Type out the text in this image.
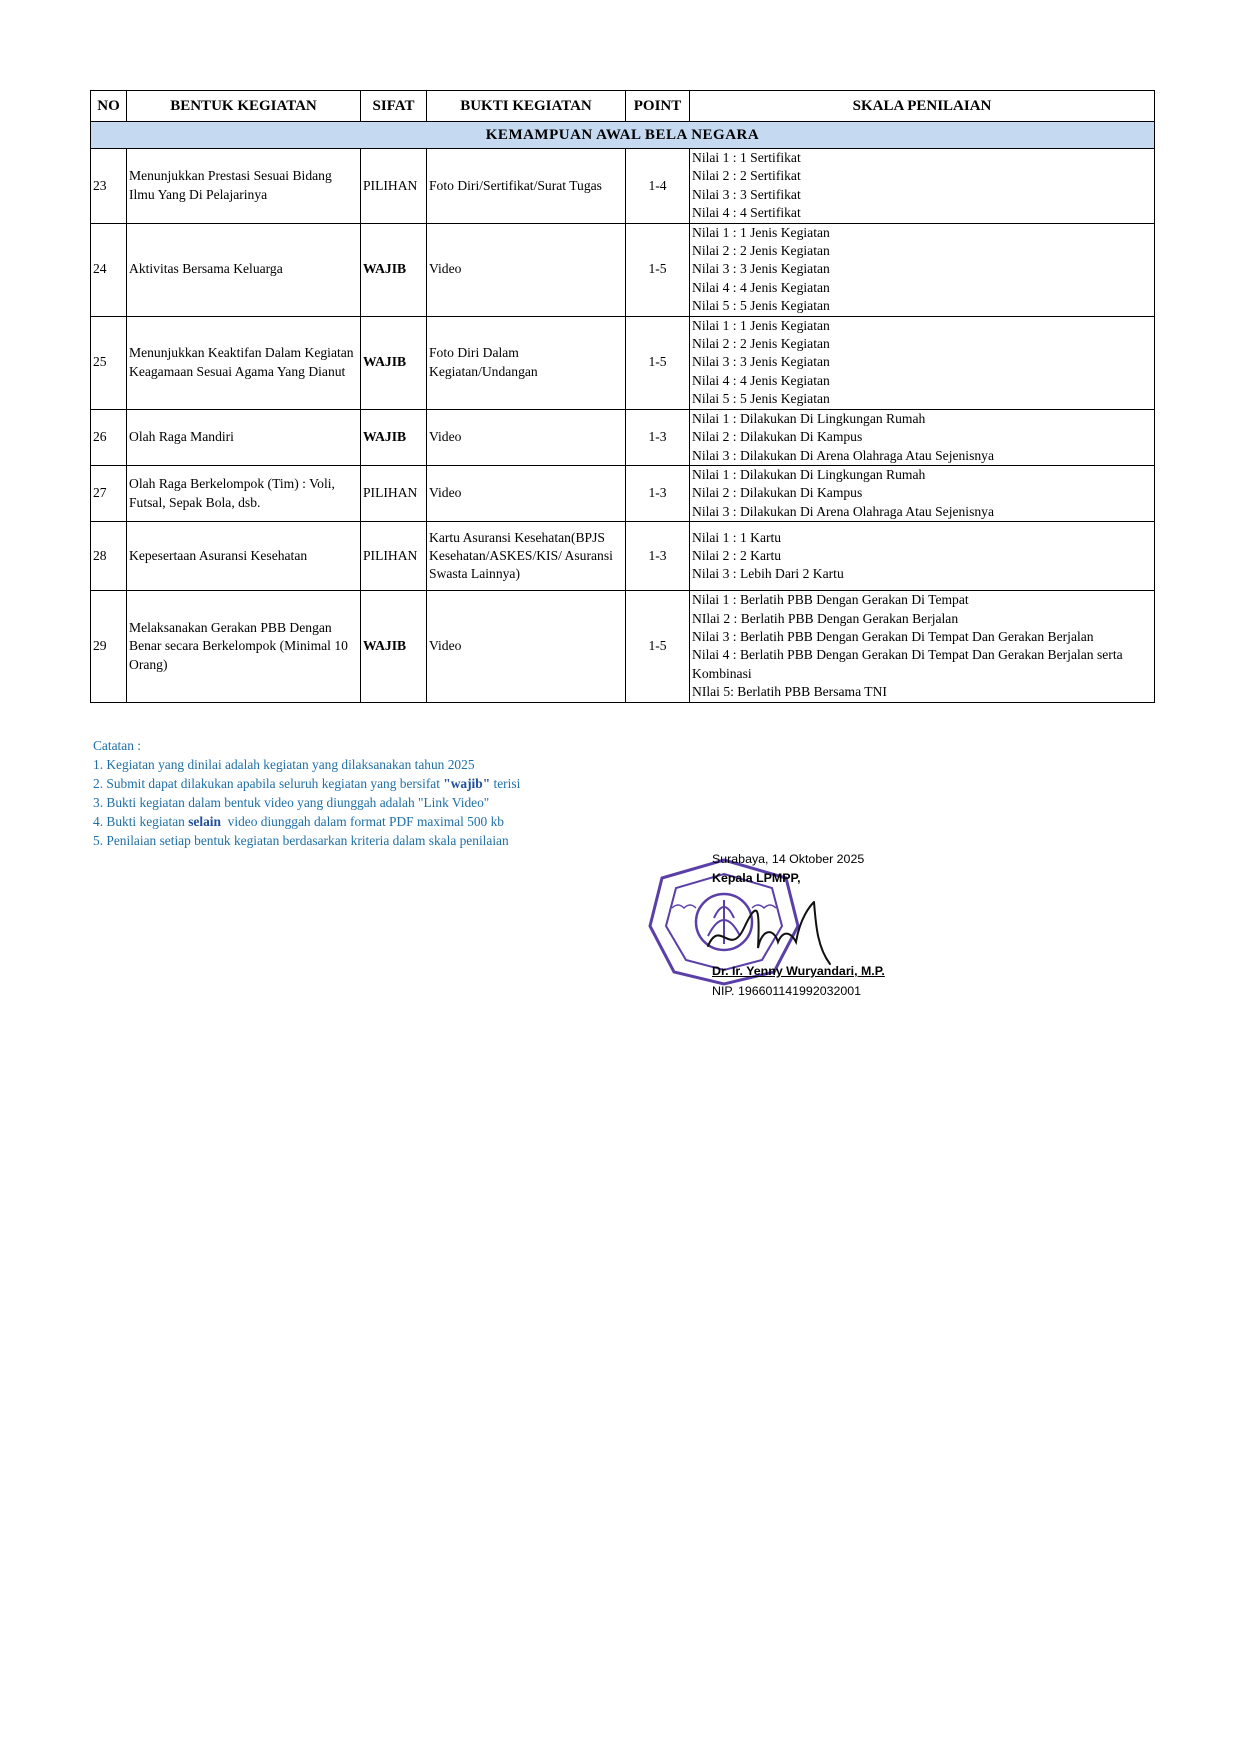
NO	BENTUK KEGIATAN	SIFAT	BUKTI KEGIATAN	POINT	SKALA PENILAIAN
KEMAMPUAN AWAL BELA NEGARA					
23	Menunjukkan Prestasi Sesuai Bidang Ilmu Yang Di Pelajarinya	PILIHAN	Foto Diri/Sertifikat/Surat Tugas	1-4	Nilai 1 : 1 Sertifikat
Nilai 2 : 2 Sertifikat
Nilai 3 : 3 Sertifikat
Nilai 4 : 4 Sertifikat

24	Aktivitas Bersama Keluarga	WAJIB	Video	1-5	Nilai 1 : 1 Jenis Kegiatan
Nilai 2 : 2 Jenis Kegiatan
Nilai 3 : 3 Jenis Kegiatan
Nilai 4 : 4 Jenis Kegiatan
Nilai 5 : 5 Jenis Kegiatan

25	Menunjukkan Keaktifan Dalam Kegiatan Keagamaan Sesuai Agama Yang Dianut	WAJIB	Foto Diri Dalam Kegiatan/Undangan	1-5	Nilai 1 : 1 Jenis Kegiatan
Nilai 2 : 2 Jenis Kegiatan
Nilai 3 : 3 Jenis Kegiatan
Nilai 4 : 4 Jenis Kegiatan
Nilai 5 : 5 Jenis Kegiatan

26	Olah Raga Mandiri	WAJIB	Video	1-3	Nilai 1 : Dilakukan Di Lingkungan Rumah
Nilai 2 : Dilakukan Di Kampus
Nilai 3 : Dilakukan Di Arena Olahraga Atau Sejenisnya

27	Olah Raga Berkelompok (Tim) : Voli, Futsal, Sepak Bola, dsb.	PILIHAN	Video	1-3	Nilai 1 : Dilakukan Di Lingkungan Rumah
Nilai 2 : Dilakukan Di Kampus
Nilai 3 : Dilakukan Di Arena Olahraga Atau Sejenisnya

28	Kepesertaan Asuransi Kesehatan	PILIHAN	Kartu Asuransi Kesehatan(BPJS Kesehatan/ASKES/KIS/ Asuransi Swasta Lainnya)	1-3	Nilai 1 : 1 Kartu
Nilai 2 : 2 Kartu
Nilai 3 : Lebih Dari 2 Kartu

29	Melaksanakan Gerakan PBB Dengan Benar secara Berkelompok (Minimal 10 Orang)	WAJIB	Video	1-5	Nilai 1 : Berlatih PBB Dengan Gerakan Di Tempat
NIlai 2 : Berlatih PBB Dengan Gerakan Berjalan
Nilai 3 : Berlatih PBB Dengan Gerakan Di Tempat Dan Gerakan Berjalan
Nilai 4 : Berlatih PBB Dengan Gerakan Di Tempat Dan Gerakan Berjalan serta Kombinasi
NIlai 5: Berlatih PBB Bersama TNI
Catatan :
1. Kegiatan yang dinilai adalah kegiatan yang dilaksanakan tahun 2025
2. Submit dapat dilakukan apabila seluruh kegiatan yang bersifat "wajib" terisi
3. Bukti kegiatan dalam bentuk video yang diunggah adalah "Link Video"
4. Bukti kegiatan selain  video diunggah dalam format PDF maximal 500 kb
5. Penilaian setiap bentuk kegiatan berdasarkan kriteria dalam skala penilaian
Surabaya, 14 Oktober 2025
Kepala LPMPP,
Dr. Ir. Yenny Wuryandari, M.P.
NIP. 196601141992032001
